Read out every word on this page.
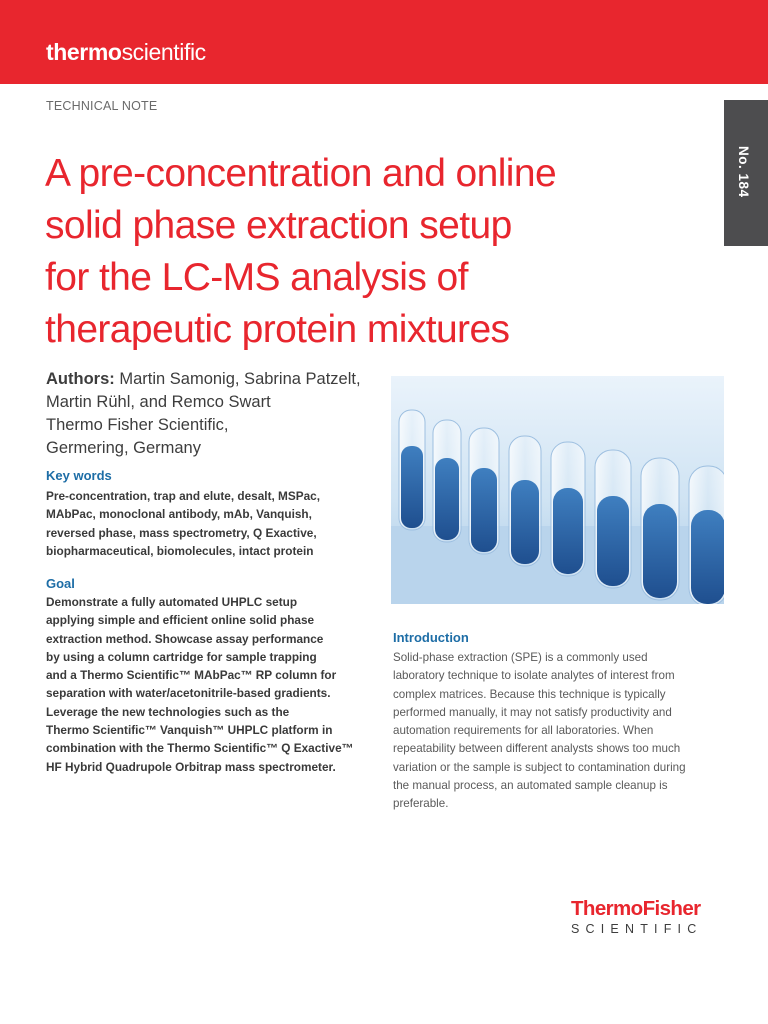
thermoscientific
TECHNICAL NOTE
No. 184
A pre-concentration and online
solid phase extraction setup
for the LC-MS analysis of
therapeutic protein mixtures
Authors: Martin Samonig, Sabrina Patzelt,
Martin Rühl, and Remco Swart
Thermo Fisher Scientific,
Germering, Germany
Key words
Pre-concentration, trap and elute, desalt, MSPac,
MAbPac, monoclonal antibody, mAb, Vanquish,
reversed phase, mass spectrometry, Q Exactive,
biopharmaceutical, biomolecules, intact protein
Goal
Demonstrate a fully automated UHPLC setup
applying simple and efficient online solid phase
extraction method. Showcase assay performance
by using a column cartridge for sample trapping
and a Thermo Scientific™ MAbPac™ RP column for
separation with water/acetonitrile-based gradients.
Leverage the new technologies such as the
Thermo Scientific™ Vanquish™ UHPLC platform in
combination with the Thermo Scientific™ Q Exactive™
HF Hybrid Quadrupole Orbitrap mass spectrometer.
Introduction
Solid-phase extraction (SPE) is a commonly used
laboratory technique to isolate analytes of interest from
complex matrices. Because this technique is typically
performed manually, it may not satisfy productivity and
automation requirements for all laboratories. When
repeatability between different analysts shows too much
variation or the sample is subject to contamination during
the manual process, an automated sample cleanup is
preferable.
ThermoFisher
SCIENTIFIC
